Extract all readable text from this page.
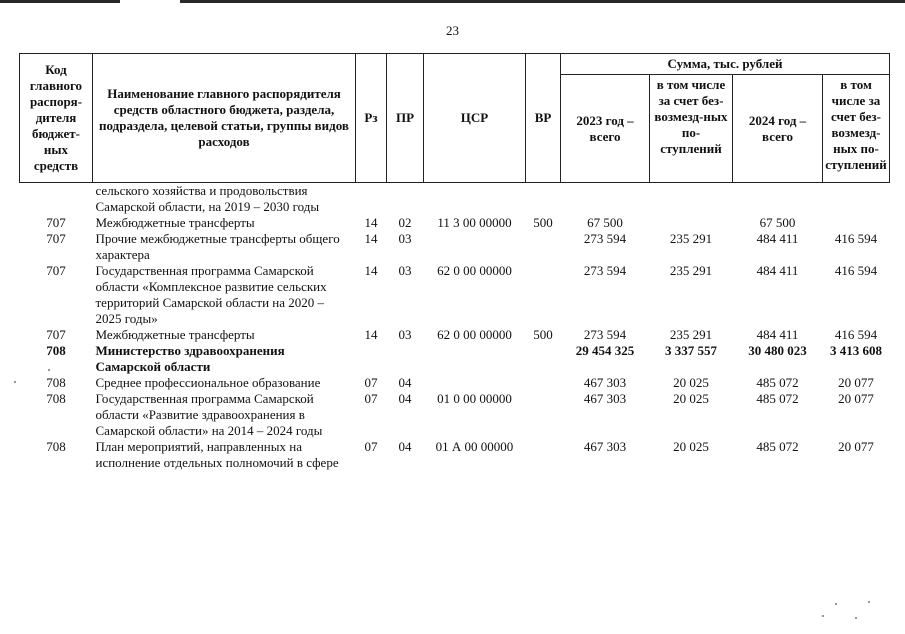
23
Код главного распоря-дителя бюджет-ных средств	Наименование главного распорядителя средств областного бюджета, раздела, подраздела, целевой статьи, группы видов расходов	Рз	ПР	ЦСР	ВР	Сумма, тыс. рублей			
						2023 год – всего	в том числе за счет без-возмезд-ных по-ступлений	2024 год – всего	в том числе за счет без-возмезд-ных по-ступлений
	сельского хозяйства и продовольствия Самарской области, на 2019 – 2030 годы								
707	Межбюджетные трансферты	14	02	11 3 00 00000	500	67 500		67 500	
707	Прочие межбюджетные трансферты общего характера	14	03			273 594	235 291	484 411	416 594
707	Государственная программа Самарской области «Комплексное развитие сельских территорий Самарской области на 2020 – 2025 годы»	14	03	62 0 00 00000		273 594	235 291	484 411	416 594
707	Межбюджетные трансферты	14	03	62 0 00 00000	500	273 594	235 291	484 411	416 594
708	Министерство здравоохранения Самарской области					29 454 325	3 337 557	30 480 023	3 413 608
708	Среднее профессиональное образование	07	04			467 303	20 025	485 072	20 077
708	Государственная программа Самарской области «Развитие здравоохранения в Самарской области» на 2014 – 2024 годы	07	04	01 0 00 00000		467 303	20 025	485 072	20 077
708	План мероприятий, направленных на исполнение отдельных полномочий в сфере	07	04	01 А 00 00000		467 303	20 025	485 072	20 077
